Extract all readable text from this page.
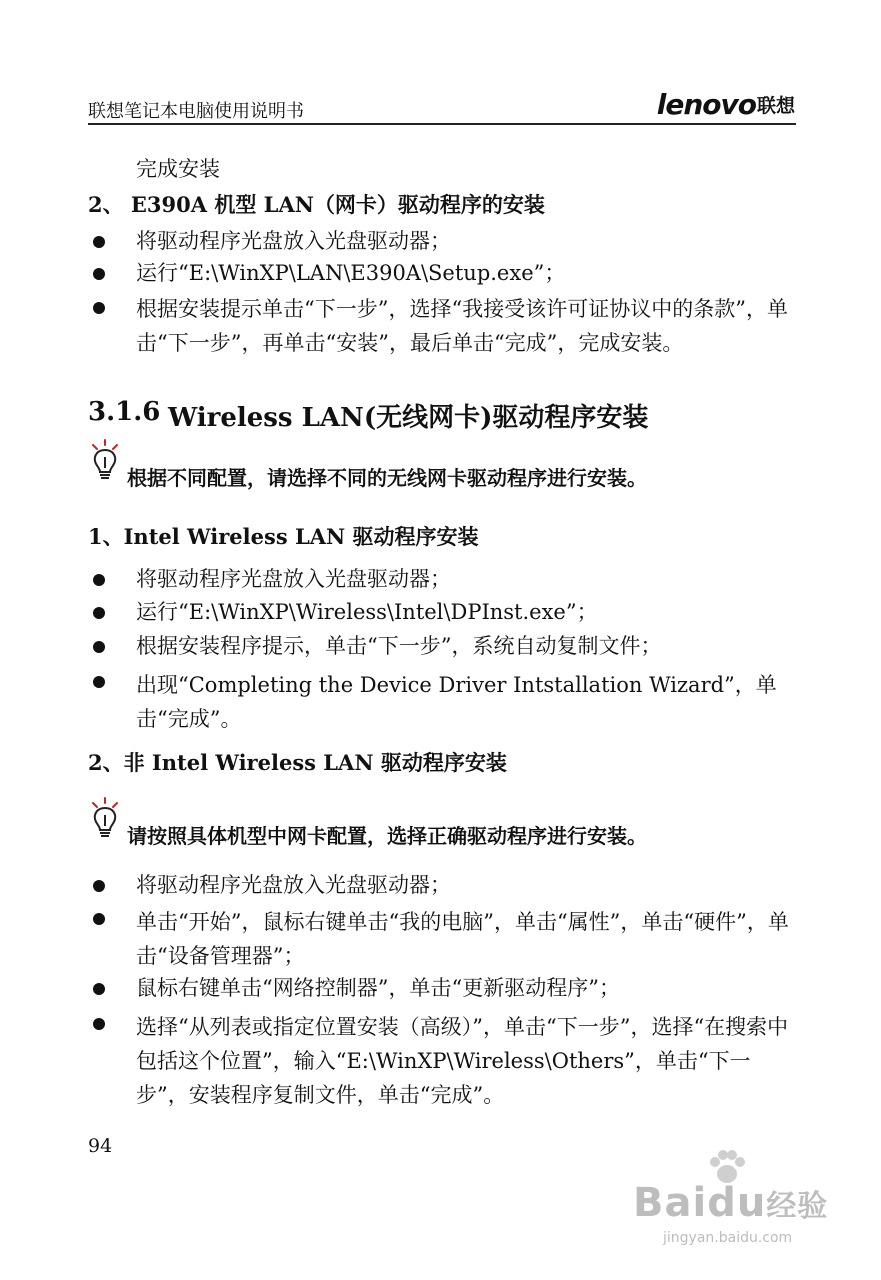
联想笔记本电脑使用说明书	lenovo 联想
完成安装
2、 E390A 机型 LAN（网卡）驱动程序的安装
将驱动程序光盘放入光盘驱动器；
运行“E:\WinXP\LAN\E390A\Setup.exe”；
根据安装提示单击“下一步”，选择“我接受该许可证协议中的条款”，单击“下一步”，再单击“安装”，最后单击“完成”，完成安装。
3.1.6 Wireless LAN(无线网卡)驱动程序安装
根据不同配置，请选择不同的无线网卡驱动程序进行安装。
1、Intel Wireless LAN 驱动程序安装
将驱动程序光盘放入光盘驱动器；
运行“E:\WinXP\Wireless\Intel\DPInst.exe”；
根据安装程序提示，单击“下一步”，系统自动复制文件；
出现“Completing the Device Driver Intstallation Wizard”，单击“完成”。
2、非 Intel Wireless LAN 驱动程序安装
请按照具体机型中网卡配置，选择正确驱动程序进行安装。
将驱动程序光盘放入光盘驱动器；
单击“开始”，鼠标右键单击“我的电脑”，单击“属性”，单击“硬件”，单击“设备管理器”；
鼠标右键单击“网络控制器”，单击“更新驱动程序”；
选择“从列表或指定位置安装（高级）”，单击“下一步”，选择“在搜索中包括这个位置”，输入“E:\WinXP\Wireless\Others”，单击“下一步”，安装程序复制文件，单击“完成”。
94
Baidu经验
jingyan.baidu.com
